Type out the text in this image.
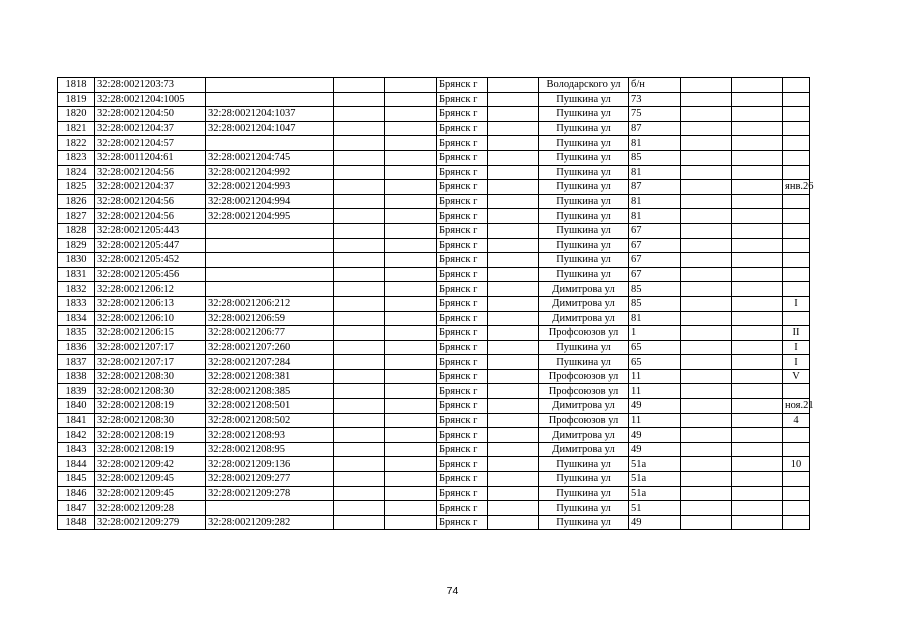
1818	32:28:0021203:73				Брянск г		Володарского ул	б/н			
1819	32:28:0021204:1005				Брянск г		Пушкина ул	73			
1820	32:28:0021204:50	32:28:0021204:1037			Брянск г		Пушкина ул	75			
1821	32:28:0021204:37	32:28:0021204:1047			Брянск г		Пушкина ул	87			
1822	32:28:0021204:57				Брянск г		Пушкина ул	81			
1823	32:28:0011204:61	32:28:0021204:745			Брянск г		Пушкина ул	85			
1824	32:28:0021204:56	32:28:0021204:992			Брянск г		Пушкина ул	81			
1825	32:28:0021204:37	32:28:0021204:993			Брянск г		Пушкина ул	87			янв.26
1826	32:28:0021204:56	32:28:0021204:994			Брянск г		Пушкина ул	81			
1827	32:28:0021204:56	32:28:0021204:995			Брянск г		Пушкина ул	81			
1828	32:28:0021205:443				Брянск г		Пушкина ул	67			
1829	32:28:0021205:447				Брянск г		Пушкина ул	67			
1830	32:28:0021205:452				Брянск г		Пушкина ул	67			
1831	32:28:0021205:456				Брянск г		Пушкина ул	67			
1832	32:28:0021206:12				Брянск г		Димитрова ул	85			
1833	32:28:0021206:13	32:28:0021206:212			Брянск г		Димитрова ул	85			I
1834	32:28:0021206:10	32:28:0021206:59			Брянск г		Димитрова ул	81			
1835	32:28:0021206:15	32:28:0021206:77			Брянск г		Профсоюзов ул	1			II
1836	32:28:0021207:17	32:28:0021207:260			Брянск г		Пушкина ул	65			I
1837	32:28:0021207:17	32:28:0021207:284			Брянск г		Пушкина ул	65			I
1838	32:28:0021208:30	32:28:0021208:381			Брянск г		Профсоюзов ул	11			V
1839	32:28:0021208:30	32:28:0021208:385			Брянск г		Профсоюзов ул	11			
1840	32:28:0021208:19	32:28:0021208:501			Брянск г		Димитрова ул	49			ноя.21
1841	32:28:0021208:30	32:28:0021208:502			Брянск г		Профсоюзов ул	11			4
1842	32:28:0021208:19	32:28:0021208:93			Брянск г		Димитрова ул	49			
1843	32:28:0021208:19	32:28:0021208:95			Брянск г		Димитрова ул	49			
1844	32:28:0021209:42	32:28:0021209:136			Брянск г		Пушкина ул	51а			10
1845	32:28:0021209:45	32:28:0021209:277			Брянск г		Пушкина ул	51а			
1846	32:28:0021209:45	32:28:0021209:278			Брянск г		Пушкина ул	51а			
1847	32:28:0021209:28				Брянск г		Пушкина ул	51			
1848	32:28:0021209:279	32:28:0021209:282			Брянск г		Пушкина ул	49			
74
